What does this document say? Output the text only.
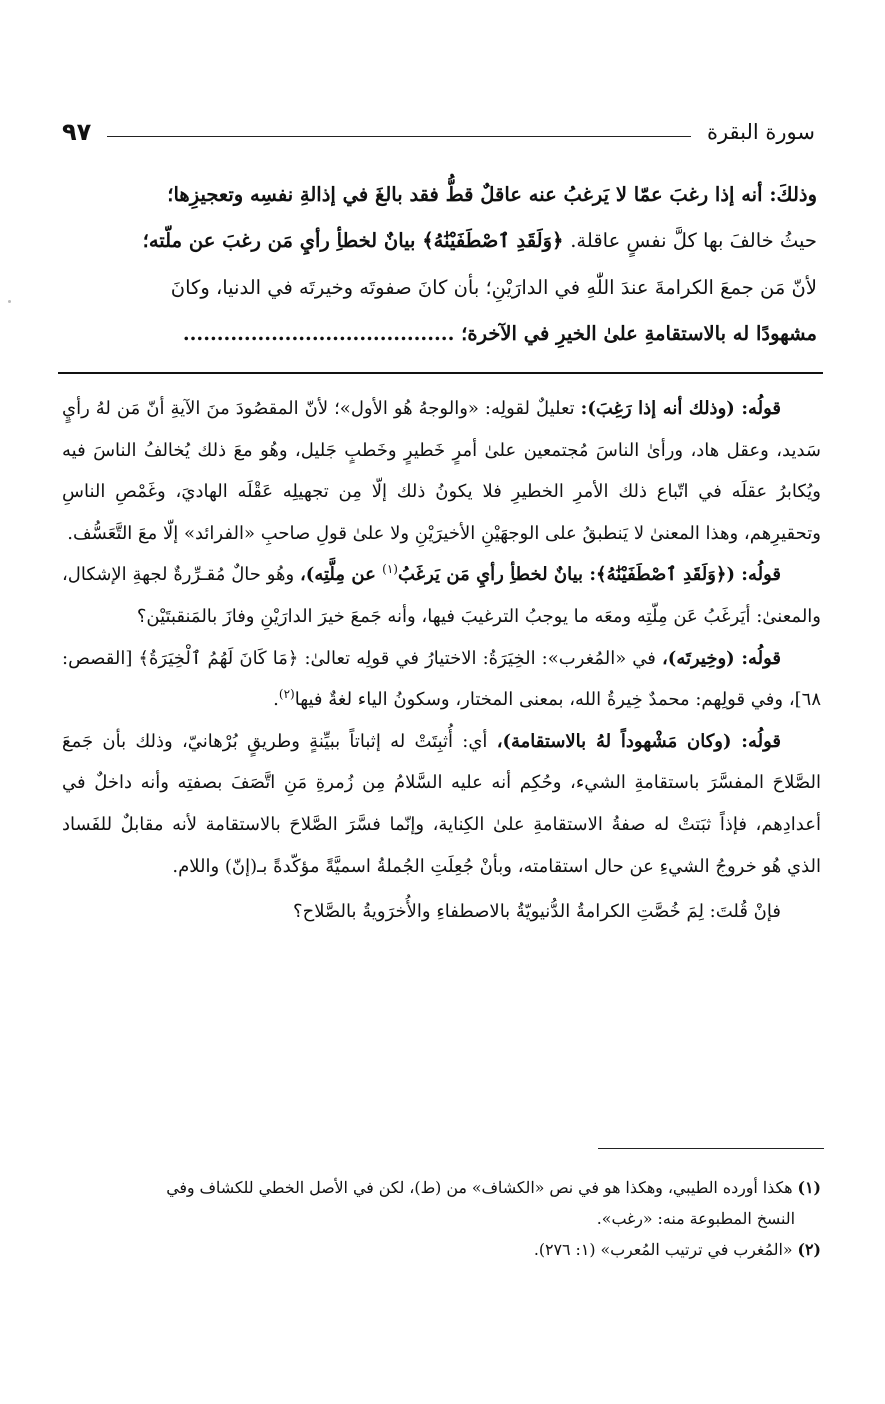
٩٧	سورة البقرة

وذلكَ: أنه إذا رغبَ عمّا لا يَرغبُ عنه عاقلٌ قطُّ فقد بالغَ في إذالةِ نفسِه وتعجيزِها؛

حيثُ خالفَ بها كلَّ نفسٍ عاقلة. ﴿وَلَقَدِ ٱصْطَفَيْنَٰهُ﴾ بيانٌ لخطأِ رأيِ مَن رغبَ عن ملّته؛

لأنّ مَن جمعَ الكرامةَ عندَ اللّٰهِ في الدارَيْنِ؛ بأن كانَ صفوتَه وخيرتَه في الدنيا، وكانَ

مشهودًا له بالاستقامةِ علىٰ الخيرِ في الآخرة؛ ........................................

قولُه: (وذلك أنه إذا رَغِبَ): تعليلٌ لقولِه: «والوجهُ هُو الأول»؛ لأنّ المقصُودَ منَ الآيةِ أنّ مَن لهُ رأيٍ سَديد، وعقل هاد، ورأىٰ الناسَ مُجتمعين علىٰ أمرٍ خَطيرٍ وخَطبٍ جَليل، وهُو معَ ذلك يُخالفُ الناسَ فيه ويُكابرُ عقلَه في اتّباع ذلك الأمرِ الخطيرِ فلا يكونُ ذلك إلّا مِن تجهيلِه عَقْلَه الهاديَ، وغَمْصِ الناسِ وتحقيرِهم، وهذا المعنىٰ لا يَنطبقُ على الوجهَيْنِ الأخيرَيْنِ ولا علىٰ قولِ صاحبِ «الفرائد» إلّا معَ التَّعَسُّف.

قولُه: (﴿وَلَقَدِ ٱصْطَفَيْنَٰهُ﴾: بيانٌ لخطأِ رأيِ مَن يَرغَبُ$^{(١)}$ عن مِلَّتِه)، وهُو حالٌ مُقـرِّرةٌ لجهةِ الإشكال، والمعنىٰ: أيَرغَبُ عَن مِلّتِه ومعَه ما يوجبُ الترغيبَ فيها، وأنه جَمعَ خيرَ الدارَيْنِ وفازَ بالمَنقبتَيْن؟

قولُه: (وخِيرتَه)، في «المُغرب»: الخِيَرَةُ: الاختيارُ في قولِه تعالىٰ: ﴿مَا كَانَ لَهُمُ ٱلْخِيَرَةُ﴾ [القصص: ٦٨]، وفي قولِهم: محمدٌ خِيرةُ الله، بمعنى المختار، وسكونُ الياء لغةٌ فيها$^{(٢)}$.

قولُه: (وكان مَشْهوداً لهُ بالاستقامة)، أي: أُثبِتَتْ له إثباتاً ببيِّنةٍ وطريقٍ بُرْهانيّ، وذلك بأن جَمعَ الصَّلاحَ المفسَّرَ باستقامةِ الشيء، وحُكِم أنه عليه السَّلامُ مِن زُمرةِ مَنِ اتَّصَفَ بصفتِه وأنه داخلٌ في أعدادِهم، فإذاً ثبَتتْ له صفةُ الاستقامةِ علىٰ الكِناية، وإنّما فسَّرَ الصَّلاحَ بالاستقامة لأنه مقابلٌ للفَساد الذي هُو خروجُ الشيءِ عن حال استقامته، وبأنْ جُعِلَتِ الجُملةُ اسميَّةً مؤكّدةً بـ(إنّ) واللام.

فإنْ قُلتَ: لِمَ خُصَّتِ الكرامةُ الدُّنيويّةُ بالاصطفاءِ والأُخرَويةُ بالصَّلاح؟

(١) هكذا أورده الطيبي، وهكذا هو في نص «الكشاف» من (ط)، لكن في الأصل الخطي للكشاف وفي

النسخ المطبوعة منه: «رغب».

(٢) «المُغرب في ترتيب المُعرب» (١: ٢٧٦).
